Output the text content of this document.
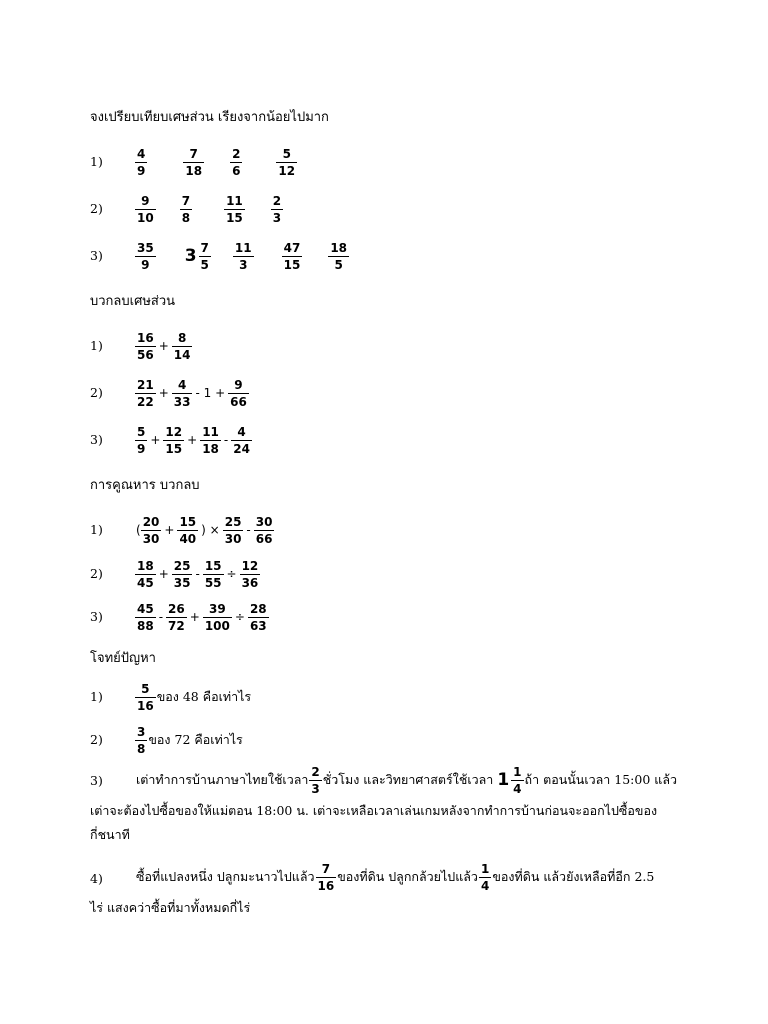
จงเปรียบเทียบเศษส่วน เรียงจากน้อยไปมาก
1)	$\frac{4}{9}$	$\frac{7}{18} \frac{2}{6}$	$\frac{5}{12}$
2)	$\frac{9}{10} \frac{7}{8}$	$\frac{11}{15} \frac{2}{3}$
3)	$\frac{35}{9} 3 \frac{7}{5} \frac{11}{3}$	$\frac{47}{15} \frac{18}{5}$
บวกลบเศษส่วน
1)	$\frac{16}{56} + \frac{8}{14}$
2)	$\frac{21}{22} + \frac{4}{33} - 1 + \frac{9}{66}$
3)	$\frac{5}{9} + \frac{12}{15} + \frac{11}{18} - \frac{4}{24}$
การคูณหาร บวกลบ
1)	( $\frac{20}{30} + \frac{15}{40}$ ) × $\frac{25}{30} - \frac{30}{66}$
2)	$\frac{18}{45} + \frac{25}{35} - \frac{15}{55} \div \frac{12}{36}$
3)	$\frac{45}{88} - \frac{26}{72} + \frac{39}{100} \div \frac{28}{63}$
โจทย์ปัญหา
1)	$\frac{5}{16}$ ของ 48 คือเท่าไร
2)	$\frac{3}{8}$ ของ 72 คือเท่าไร
3)	เต่าทำการบ้านภาษาไทยใช้เวลา $\frac{2}{3}$ ชั่วโมง และวิทยาศาสตร์ใช้เวลา $1 \frac{1}{4}$ ถ้า ตอนนั้นเวลา 15:00 แล้ว
เต่าจะต้องไปซื้อของให้แม่ตอน 18:00 น. เต่าจะเหลือเวลาเล่นเกมหลังจากทำการบ้านก่อนจะออกไปซื้อของ
กี่ชนาที
4)	ซื้อที่แปลงหนึ่ง ปลูกมะนาวไปแล้ว $\frac{7}{16}$ ของที่ดิน ปลูกกล้วยไปแล้ว $\frac{1}{4}$ ของที่ดิน แล้วยังเหลือที่อีก 2.5
ไร่ แสงคว่าซื้อที่มาทั้งหมดกี่ไร่
